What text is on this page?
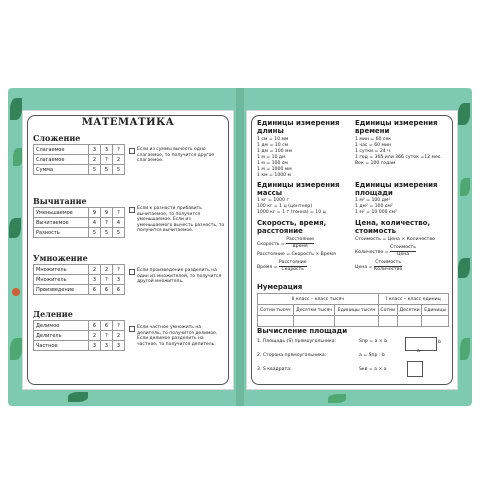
МАТЕМАТИКА
Сложение
Слагаемое	3	3	?
Слагаемое	2	?	2
Сумма	5	5	5
Если из суммы вычесть одно слагаемое, то получится другое слагаемое.
Вычитание
Уменьшаемое	9	9	?
Вычитаемое	4	?	4
Разность	5	5	5
Если к разности прибавить вычитаемое, то получится уменьшаемое. Если из уменьшаемого вычесть разность, то получится вычитаемое.
Умножение
Множитель	2	2	?
Множитель	3	?	3
Произведение	6	6	6
Если произведение разделить на один из множителей, то получится другой множитель.
Деление
Делимое	6	6	?
Делитель	2	?	2
Частное	3	3	3
Если частное умножить на делитель, то получится делимое. Если делимое разделить на частное, то получится делитель.
Единицы измерения длины
1 см = 10 мм
1 дм = 10 см
1 дм = 100 мм
1 м = 10 дм
1 м = 100 см
1 м = 1000 мм
1 км = 1000 м
Единицы измерения времени
1 мин = 60 сек
1 час = 60 мин
1 сутки = 24 ч
1 год = 365 или 366 суток =12 мес.
Век = 100 годам
Единицы измерения массы
1 кг = 1000 г
100 кг = 1 ц (центнер)
1000 кг = 1 т (тонна) = 10 ц
Единицы измерения площади
1 м² = 100 дм²
1 дм² = 100 см²
1 м² = 10 000 см²
Скорость, время, расстояние
Скорость = $\frac{\text{Расстояние}}{\text{Время}}$
Расстояние = Скорость × Время
Время = $\frac{\text{Расстояние}}{\text{Скорость}}$
Цена, количество, стоимость
Стоимость = Цена × Количество
Количество = $\frac{\text{Стоимость}}{\text{Цена}}$
Цена = $\frac{\text{Стоимость}}{\text{Количество}}$
Нумерация
II класс – класс тысяч			I класс – класс единиц		
Сотни тысяч	Десятки тысяч	Единицы тысяч	Сотни	Десятки	Единицы

Вычисление площади
1. Площадь (S) прямоугольника:	Sпр = a × b
2. Сторона прямоугольника:	a = Sпр : b
3. S квадрата:	Sкв = a × a
b
a
